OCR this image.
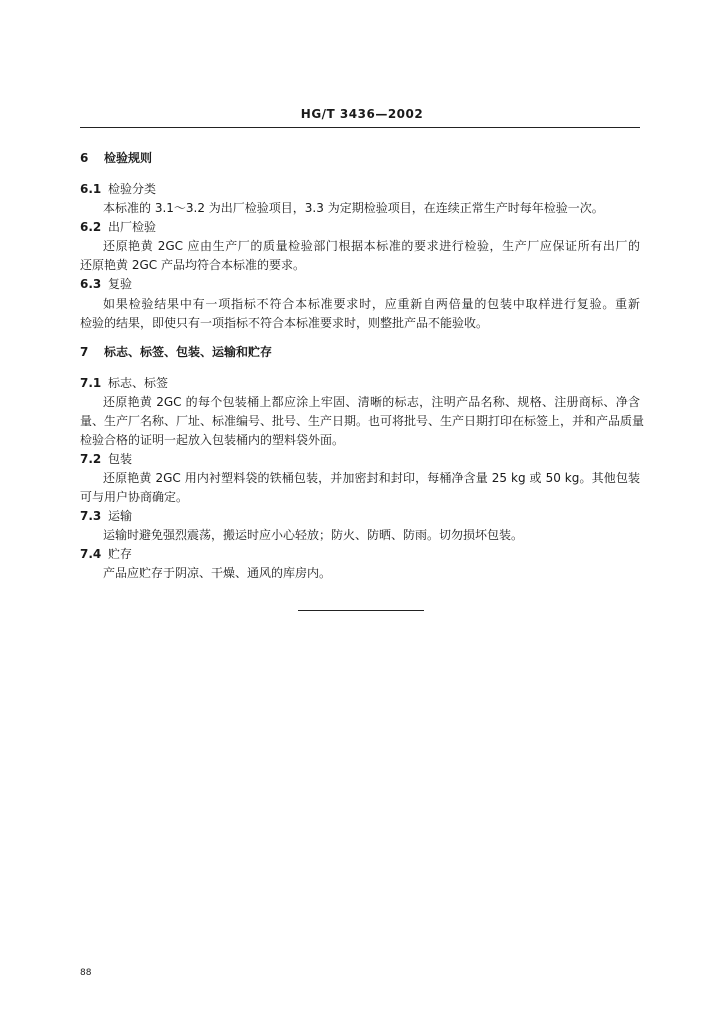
HG/T 3436—2002
6 检验规则
6.1 检验分类
本标准的 3.1～3.2 为出厂检验项目，3.3 为定期检验项目，在连续正常生产时每年检验一次。
6.2 出厂检验
还原艳黄 2GC 应由生产厂的质量检验部门根据本标准的要求进行检验，生产厂应保证所有出厂的
还原艳黄 2GC 产品均符合本标准的要求。
6.3 复验
如果检验结果中有一项指标不符合本标准要求时，应重新自两倍量的包装中取样进行复验。重新
检验的结果，即使只有一项指标不符合本标准要求时，则整批产品不能验收。
7 标志、标签、包装、运输和贮存
7.1 标志、标签
还原艳黄 2GC 的每个包装桶上都应涂上牢固、清晰的标志，注明产品名称、规格、注册商标、净含
量、生产厂名称、厂址、标准编号、批号、生产日期。也可将批号、生产日期打印在标签上，并和产品质量
检验合格的证明一起放入包装桶内的塑料袋外面。
7.2 包装
还原艳黄 2GC 用内衬塑料袋的铁桶包装，并加密封和封印，每桶净含量 25 kg 或 50 kg。其他包装
可与用户协商确定。
7.3 运输
运输时避免强烈震荡，搬运时应小心轻放；防火、防晒、防雨。切勿损坏包装。
7.4 贮存
产品应贮存于阴凉、干燥、通风的库房内。
88
